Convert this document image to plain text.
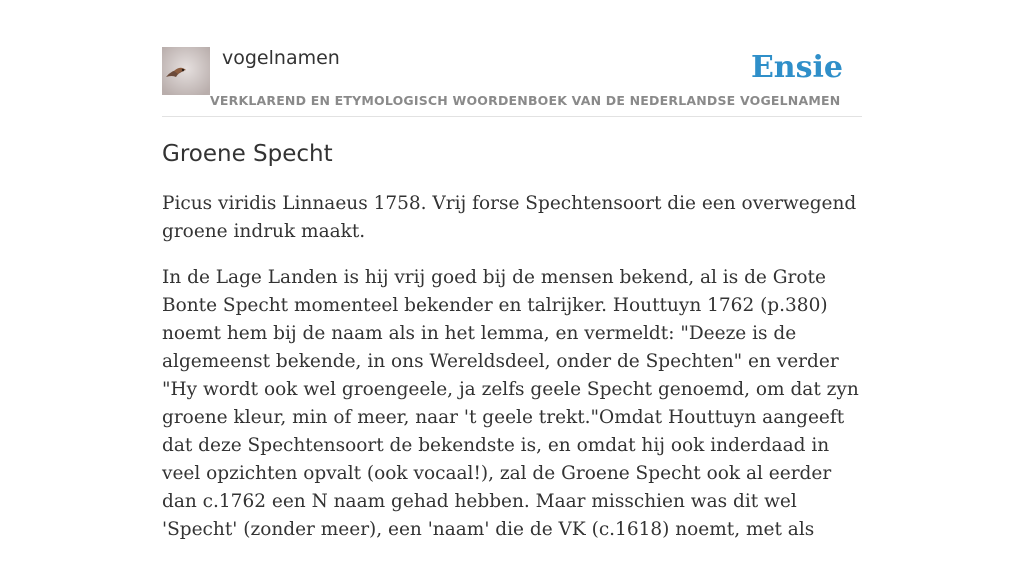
vogelnamen
VERKLAREND EN ETYMOLOGISCH WOORDENBOEK VAN DE NEDERLANDSE VOGELNAMEN
Ensie
Groene Specht

Picus viridis Linnaeus 1758. Vrij forse Spechtensoort die een overwegend groene indruk maakt.

In de Lage Landen is hij vrij goed bij de mensen bekend, al is de Grote Bonte Specht momenteel bekender en talrijker. Houttuyn 1762 (p.380) noemt hem bij de naam als in het lemma, en vermeldt: "Deeze is de algemeenst bekende, in ons Wereldsdeel, onder de Spechten" en verder "Hy wordt ook wel groengeele, ja zelfs geele Specht genoemd, om dat zyn groene kleur, min of meer, naar 't geele trekt."Omdat Houttuyn aangeeft dat deze Spechtensoort de bekendste is, en omdat hij ook inderdaad in veel opzichten opvalt (ook vocaal!), zal de Groene Specht ook al eerder dan c.1762 een N naam gehad hebben. Maar misschien was dit wel 'Specht' (zonder meer), een 'naam' die de VK (c.1618) noemt, met als
